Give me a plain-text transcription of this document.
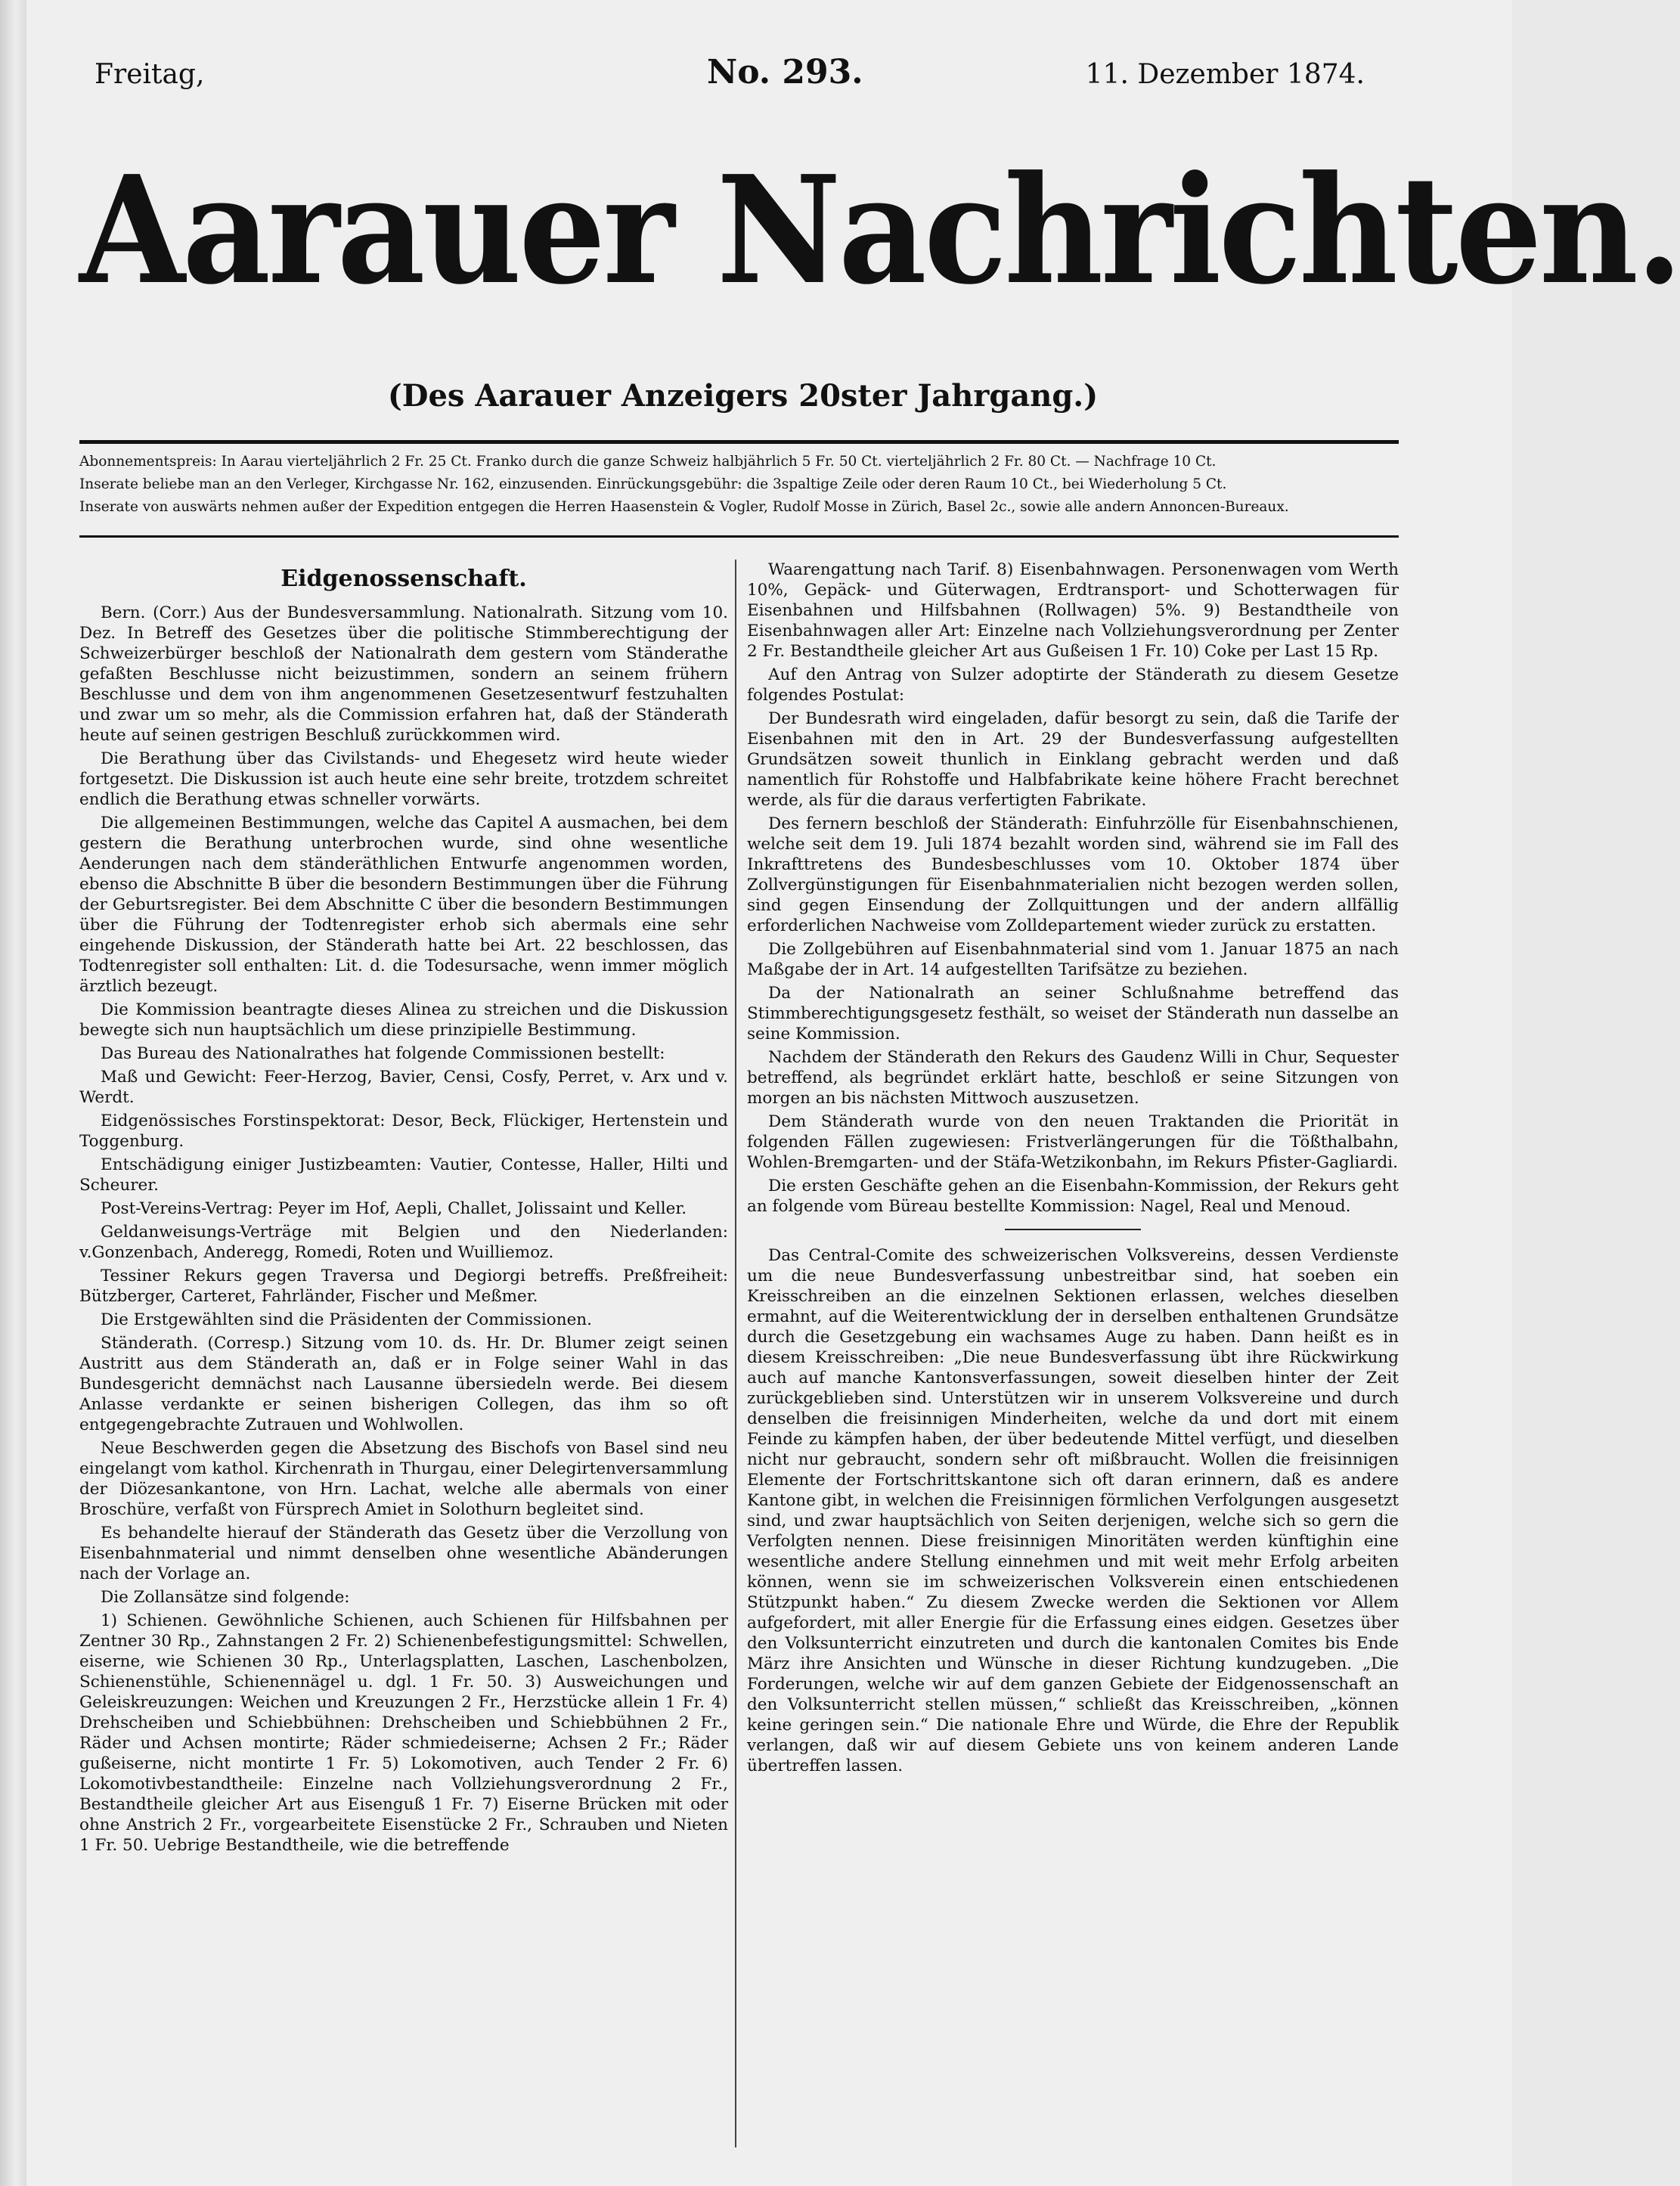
Freitag,	No. 293.	11. Dezember 1874.
Aarauer Nachrichten.
(Des Aarauer Anzeigers 20ster Jahrgang.)
Abonnementspreis: In Aarau vierteljährlich 2 Fr. 25 Ct. Franko durch die ganze Schweiz halbjährlich 5 Fr. 50 Ct. vierteljährlich 2 Fr. 80 Ct. — Nachfrage 10 Ct.
Inserate beliebe man an den Verleger, Kirchgasse Nr. 162, einzusenden. Einrückungsgebühr: die 3spaltige Zeile oder deren Raum 10 Ct., bei Wiederholung 5 Ct.
Inserate von auswärts nehmen außer der Expedition entgegen die Herren Haasenstein & Vogler, Rudolf Mosse in Zürich, Basel 2c., sowie alle andern Annoncen-Bureaux.
Eidgenossenschaft.

Bern. (Corr.) Aus der Bundesversammlung. Nationalrath. Sitzung vom 10. Dez. In Betreff des Gesetzes über die politische Stimmberechtigung der Schweizerbürger beschloß der Nationalrath dem gestern vom Ständerathe gefaßten Beschlusse nicht beizustimmen, sondern an seinem frühern Beschlusse und dem von ihm angenommenen Gesetzesentwurf festzuhalten und zwar um so mehr, als die Commission erfahren hat, daß der Ständerath heute auf seinen gestrigen Beschluß zurückkommen wird.

Die Berathung über das Civilstands- und Ehegesetz wird heute wieder fortgesetzt. Die Diskussion ist auch heute eine sehr breite, trotzdem schreitet endlich die Berathung etwas schneller vorwärts.

Die allgemeinen Bestimmungen, welche das Capitel A ausmachen, bei dem gestern die Berathung unterbrochen wurde, sind ohne wesentliche Aenderungen nach dem ständeräthlichen Entwurfe angenommen worden, ebenso die Abschnitte B über die besondern Bestimmungen über die Führung der Geburtsregister. Bei dem Abschnitte C über die besondern Bestimmungen über die Führung der Todtenregister erhob sich abermals eine sehr eingehende Diskussion, der Ständerath hatte bei Art. 22 beschlossen, das Todtenregister soll enthalten: Lit. d. die Todesursache, wenn immer möglich ärztlich bezeugt.

Die Kommission beantragte dieses Alinea zu streichen und die Diskussion bewegte sich nun hauptsächlich um diese prinzipielle Bestimmung.

Das Bureau des Nationalrathes hat folgende Commissionen bestellt:

Maß und Gewicht: Feer-Herzog, Bavier, Censi, Cosfy, Perret, v. Arx und v. Werdt.

Eidgenössisches Forstinspektorat: Desor, Beck, Flückiger, Hertenstein und Toggenburg.

Entschädigung einiger Justizbeamten: Vautier, Contesse, Haller, Hilti und Scheurer.

Post-Vereins-Vertrag: Peyer im Hof, Aepli, Challet, Jolissaint und Keller.

Geldanweisungs-Verträge mit Belgien und den Niederlanden: v.Gonzenbach, Anderegg, Romedi, Roten und Wuilliemoz.

Tessiner Rekurs gegen Traversa und Degiorgi betreffs. Preßfreiheit: Bützberger, Carteret, Fahrländer, Fischer und Meßmer.

Die Erstgewählten sind die Präsidenten der Commissionen.

Ständerath. (Corresp.) Sitzung vom 10. ds. Hr. Dr. Blumer zeigt seinen Austritt aus dem Ständerath an, daß er in Folge seiner Wahl in das Bundesgericht demnächst nach Lausanne übersiedeln werde. Bei diesem Anlasse verdankte er seinen bisherigen Collegen, das ihm so oft entgegengebrachte Zutrauen und Wohlwollen.

Neue Beschwerden gegen die Absetzung des Bischofs von Basel sind neu eingelangt vom kathol. Kirchenrath in Thurgau, einer Delegirtenversammlung der Diözesankantone, von Hrn. Lachat, welche alle abermals von einer Broschüre, verfaßt von Fürsprech Amiet in Solothurn begleitet sind.

Es behandelte hierauf der Ständerath das Gesetz über die Verzollung von Eisenbahnmaterial und nimmt denselben ohne wesentliche Abänderungen nach der Vorlage an.

Die Zollansätze sind folgende:

1) Schienen. Gewöhnliche Schienen, auch Schienen für Hilfsbahnen per Zentner 30 Rp., Zahnstangen 2 Fr. 2) Schienenbefestigungsmittel: Schwellen, eiserne, wie Schienen 30 Rp., Unterlagsplatten, Laschen, Laschenbolzen, Schienenstühle, Schienennägel u. dgl. 1 Fr. 50. 3) Ausweichungen und Geleiskreuzungen: Weichen und Kreuzungen 2 Fr., Herzstücke allein 1 Fr. 4) Drehscheiben und Schiebbühnen: Drehscheiben und Schiebbühnen 2 Fr., Räder und Achsen montirte; Räder schmiedeiserne; Achsen 2 Fr.; Räder gußeiserne, nicht montirte 1 Fr. 5) Lokomotiven, auch Tender 2 Fr. 6) Lokomotivbestandtheile: Einzelne nach Vollziehungsverordnung 2 Fr., Bestandtheile gleicher Art aus Eisenguß 1 Fr. 7) Eiserne Brücken mit oder ohne Anstrich 2 Fr., vorgearbeitete Eisenstücke 2 Fr., Schrauben und Nieten 1 Fr. 50. Uebrige Bestandtheile, wie die betreffende

Waarengattung nach Tarif. 8) Eisenbahnwagen. Personenwagen vom Werth 10%, Gepäck- und Güterwagen, Erdtransport- und Schotterwagen für Eisenbahnen und Hilfsbahnen (Rollwagen) 5%. 9) Bestandtheile von Eisenbahnwagen aller Art: Einzelne nach Vollziehungsverordnung per Zenter 2 Fr. Bestandtheile gleicher Art aus Gußeisen 1 Fr. 10) Coke per Last 15 Rp.

Auf den Antrag von Sulzer adoptirte der Ständerath zu diesem Gesetze folgendes Postulat:

Der Bundesrath wird eingeladen, dafür besorgt zu sein, daß die Tarife der Eisenbahnen mit den in Art. 29 der Bundesverfassung aufgestellten Grundsätzen soweit thunlich in Einklang gebracht werden und daß namentlich für Rohstoffe und Halbfabrikate keine höhere Fracht berechnet werde, als für die daraus verfertigten Fabrikate.

Des fernern beschloß der Ständerath: Einfuhrzölle für Eisenbahnschienen, welche seit dem 19. Juli 1874 bezahlt worden sind, während sie im Fall des Inkrafttretens des Bundesbeschlusses vom 10. Oktober 1874 über Zollvergünstigungen für Eisenbahnmaterialien nicht bezogen werden sollen, sind gegen Einsendung der Zollquittungen und der andern allfällig erforderlichen Nachweise vom Zolldepartement wieder zurück zu erstatten.

Die Zollgebühren auf Eisenbahnmaterial sind vom 1. Januar 1875 an nach Maßgabe der in Art. 14 aufgestellten Tarifsätze zu beziehen.

Da der Nationalrath an seiner Schlußnahme betreffend das Stimmberechtigungsgesetz festhält, so weiset der Ständerath nun dasselbe an seine Kommission.

Nachdem der Ständerath den Rekurs des Gaudenz Willi in Chur, Sequester betreffend, als begründet erklärt hatte, beschloß er seine Sitzungen von morgen an bis nächsten Mittwoch auszusetzen.

Dem Ständerath wurde von den neuen Traktanden die Priorität in folgenden Fällen zugewiesen: Fristverlängerungen für die Tößthalbahn, Wohlen-Bremgarten- und der Stäfa-Wetzikonbahn, im Rekurs Pfister-Gagliardi.

Die ersten Geschäfte gehen an die Eisenbahn-Kommission, der Rekurs geht an folgende vom Büreau bestellte Kommission: Nagel, Real und Menoud.

Das Central-Comite des schweizerischen Volksvereins, dessen Verdienste um die neue Bundesverfassung unbestreitbar sind, hat soeben ein Kreisschreiben an die einzelnen Sektionen erlassen, welches dieselben ermahnt, auf die Weiterentwicklung der in derselben enthaltenen Grundsätze durch die Gesetzgebung ein wachsames Auge zu haben. Dann heißt es in diesem Kreisschreiben: „Die neue Bundesverfassung übt ihre Rückwirkung auch auf manche Kantonsverfassungen, soweit dieselben hinter der Zeit zurückgeblieben sind. Unterstützen wir in unserem Volksvereine und durch denselben die freisinnigen Minderheiten, welche da und dort mit einem Feinde zu kämpfen haben, der über bedeutende Mittel verfügt, und dieselben nicht nur gebraucht, sondern sehr oft mißbraucht. Wollen die freisinnigen Elemente der Fortschrittskantone sich oft daran erinnern, daß es andere Kantone gibt, in welchen die Freisinnigen förmlichen Verfolgungen ausgesetzt sind, und zwar hauptsächlich von Seiten derjenigen, welche sich so gern die Verfolgten nennen. Diese freisinnigen Minoritäten werden künftighin eine wesentliche andere Stellung einnehmen und mit weit mehr Erfolg arbeiten können, wenn sie im schweizerischen Volksverein einen entschiedenen Stützpunkt haben.“ Zu diesem Zwecke werden die Sektionen vor Allem aufgefordert, mit aller Energie für die Erfassung eines eidgen. Gesetzes über den Volksunterricht einzutreten und durch die kantonalen Comites bis Ende März ihre Ansichten und Wünsche in dieser Richtung kundzugeben. „Die Forderungen, welche wir auf dem ganzen Gebiete der Eidgenossenschaft an den Volksunterricht stellen müssen,“ schließt das Kreisschreiben, „können keine geringen sein.“ Die nationale Ehre und Würde, die Ehre der Republik verlangen, daß wir auf diesem Gebiete uns von keinem anderen Lande übertreffen lassen.
